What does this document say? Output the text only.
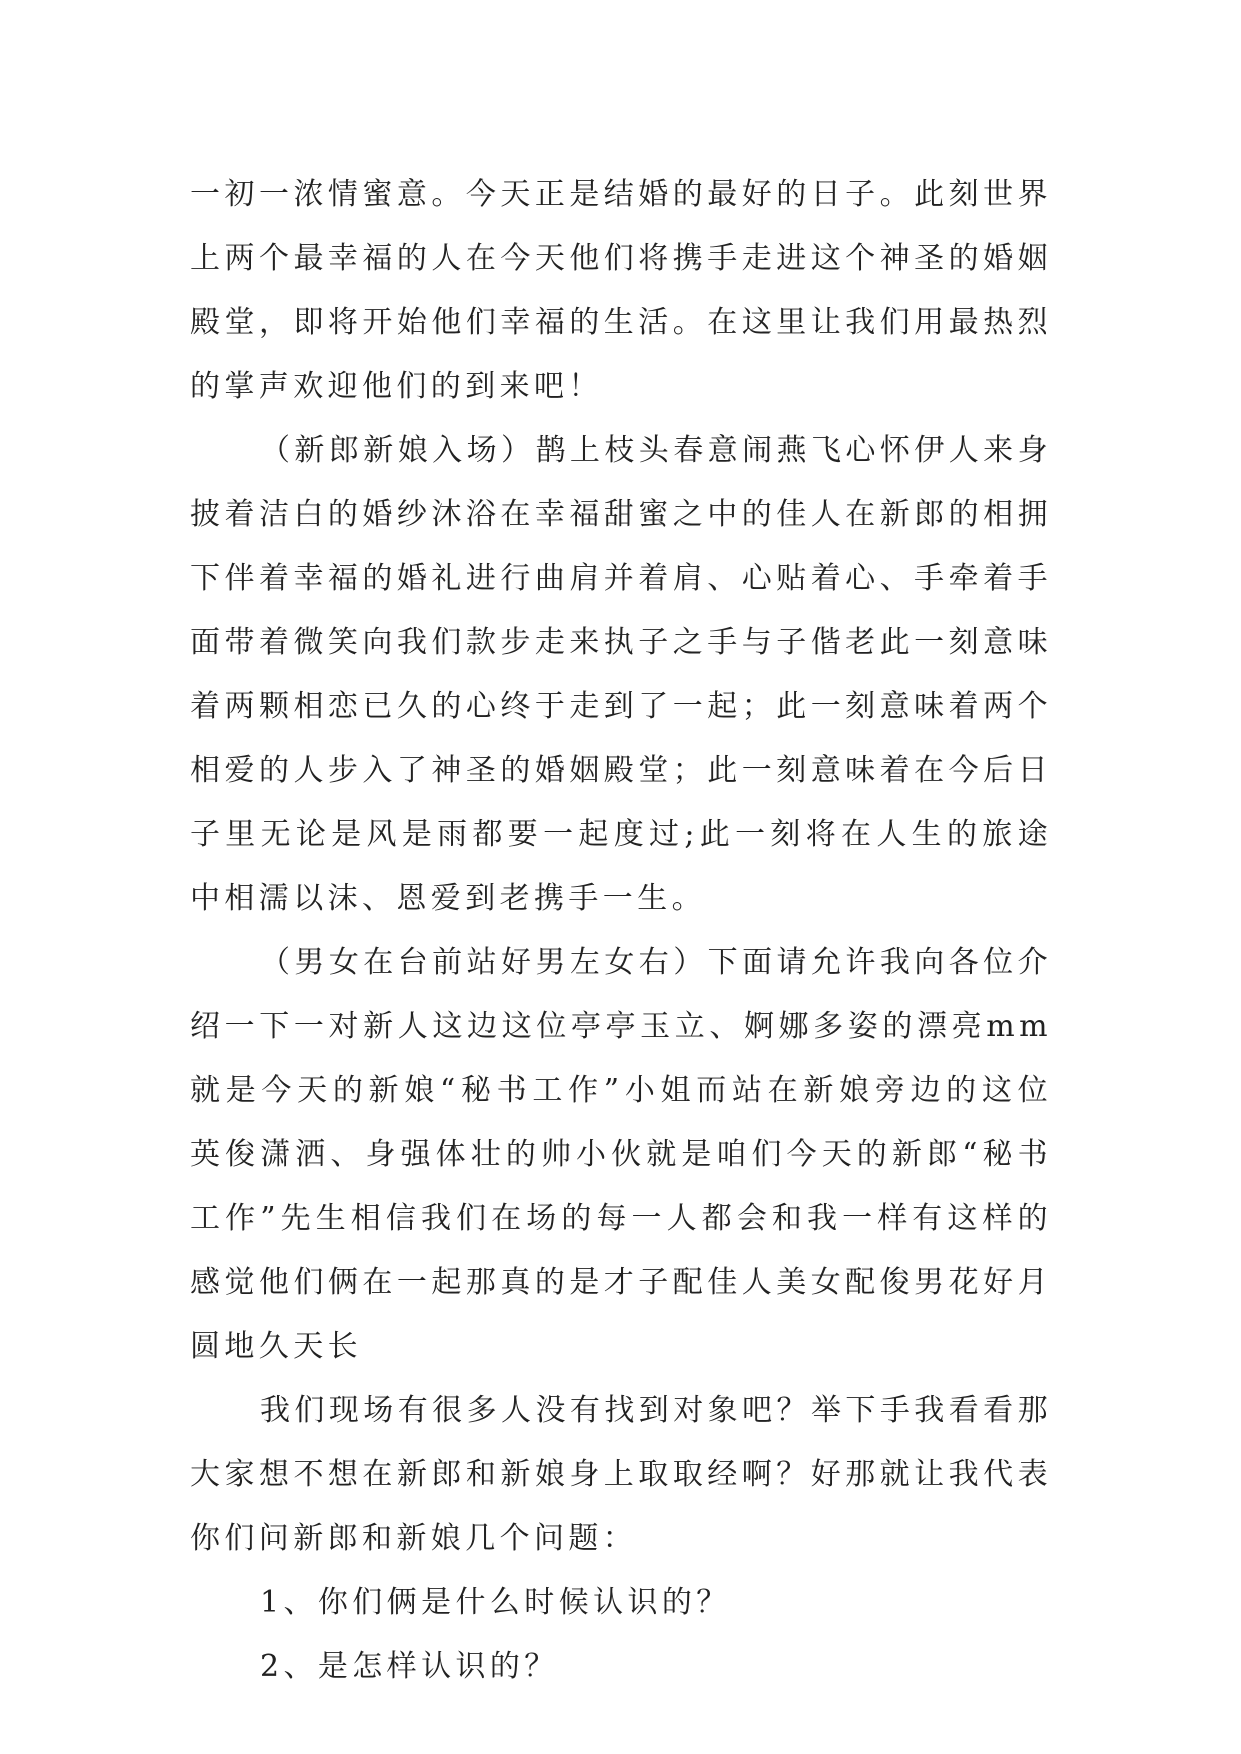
一初一浓情蜜意。今天正是结婚的最好的日子。此刻世界上两个最幸福的人在今天他们将携手走进这个神圣的婚姻殿堂，即将开始他们幸福的生活。在这里让我们用最热烈的掌声欢迎他们的到来吧！

（新郎新娘入场）鹊上枝头春意闹燕飞心怀伊人来身披着洁白的婚纱沐浴在幸福甜蜜之中的佳人在新郎的相拥下伴着幸福的婚礼进行曲肩并着肩、心贴着心、手牵着手面带着微笑向我们款步走来执子之手与子偕老此一刻意味着两颗相恋已久的心终于走到了一起；此一刻意味着两个相爱的人步入了神圣的婚姻殿堂；此一刻意味着在今后日子里无论是风是雨都要一起度过;此一刻将在人生的旅途中相濡以沫、恩爱到老携手一生。

（男女在台前站好男左女右）下面请允许我向各位介绍一下一对新人这边这位亭亭玉立、婀娜多姿的漂亮mm就是今天的新娘“秘书工作”小姐而站在新娘旁边的这位英俊潇洒、身强体壮的帅小伙就是咱们今天的新郎“秘书工作”先生相信我们在场的每一人都会和我一样有这样的感觉他们俩在一起那真的是才子配佳人美女配俊男花好月圆地久天长

我们现场有很多人没有找到对象吧？举下手我看看那大家想不想在新郎和新娘身上取取经啊？好那就让我代表你们问新郎和新娘几个问题：

1、你们俩是什么时候认识的？

2、是怎样认识的？
